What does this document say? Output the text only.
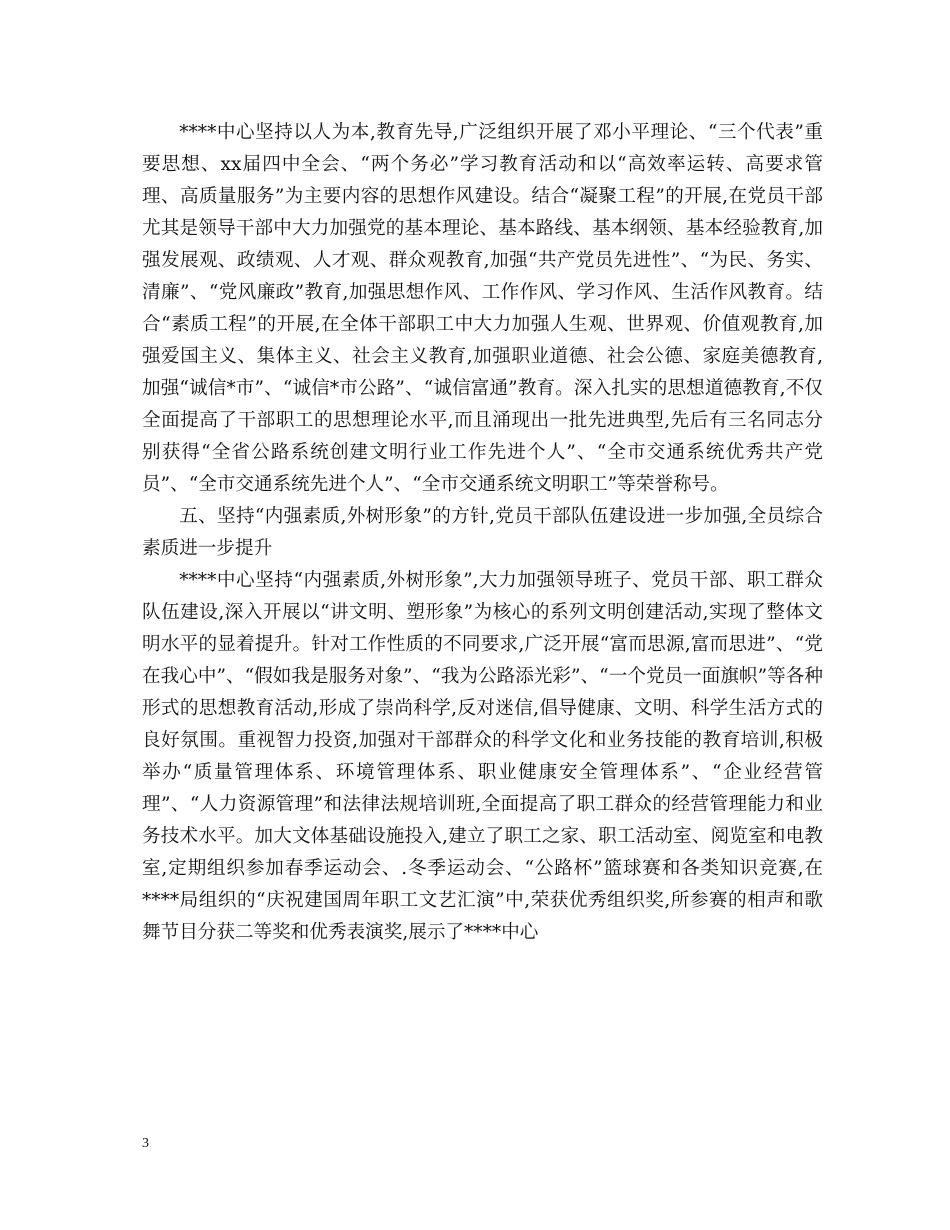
****中心坚持以人为本,教育先导,广泛组织开展了邓小平理论、“三个代表”重要思想、xx届四中全会、“两个务必”学习教育活动和以“高效率运转、高要求管理、高质量服务”为主要内容的思想作风建设。结合“凝聚工程”的开展,在党员干部尤其是领导干部中大力加强党的基本理论、基本路线、基本纲领、基本经验教育,加强发展观、政绩观、人才观、群众观教育,加强“共产党员先进性”、“为民、务实、清廉”、“党风廉政”教育,加强思想作风、工作作风、学习作风、生活作风教育。结合“素质工程”的开展,在全体干部职工中大力加强人生观、世界观、价值观教育,加强爱国主义、集体主义、社会主义教育,加强职业道德、社会公德、家庭美德教育,加强“诚信*市”、“诚信*市公路”、“诚信富通”教育。深入扎实的思想道德教育,不仅全面提高了干部职工的思想理论水平,而且涌现出一批先进典型,先后有三名同志分别获得“全省公路系统创建文明行业工作先进个人”、“全市交通系统优秀共产党员”、“全市交通系统先进个人”、“全市交通系统文明职工”等荣誉称号。

五、坚持“内强素质,外树形象”的方针,党员干部队伍建设进一步加强,全员综合素质进一步提升

****中心坚持“内强素质,外树形象”,大力加强领导班子、党员干部、职工群众队伍建设,深入开展以“讲文明、塑形象”为核心的系列文明创建活动,实现了整体文明水平的显着提升。针对工作性质的不同要求,广泛开展“富而思源,富而思进”、“党在我心中”、“假如我是服务对象”、“我为公路添光彩”、“一个党员一面旗帜”等各种形式的思想教育活动,形成了崇尚科学,反对迷信,倡导健康、文明、科学生活方式的良好氛围。重视智力投资,加强对干部群众的科学文化和业务技能的教育培训,积极举办“质量管理体系、环境管理体系、职业健康安全管理体系”、“企业经营管理”、“人力资源管理”和法律法规培训班,全面提高了职工群众的经营管理能力和业务技术水平。加大文体基础设施投入,建立了职工之家、职工活动室、阅览室和电教室,定期组织参加春季运动会、.冬季运动会、“公路杯”篮球赛和各类知识竞赛,在****局组织的“庆祝建国周年职工文艺汇演”中,荣获优秀组织奖,所参赛的相声和歌舞节目分获二等奖和优秀表演奖,展示了****中心

3
